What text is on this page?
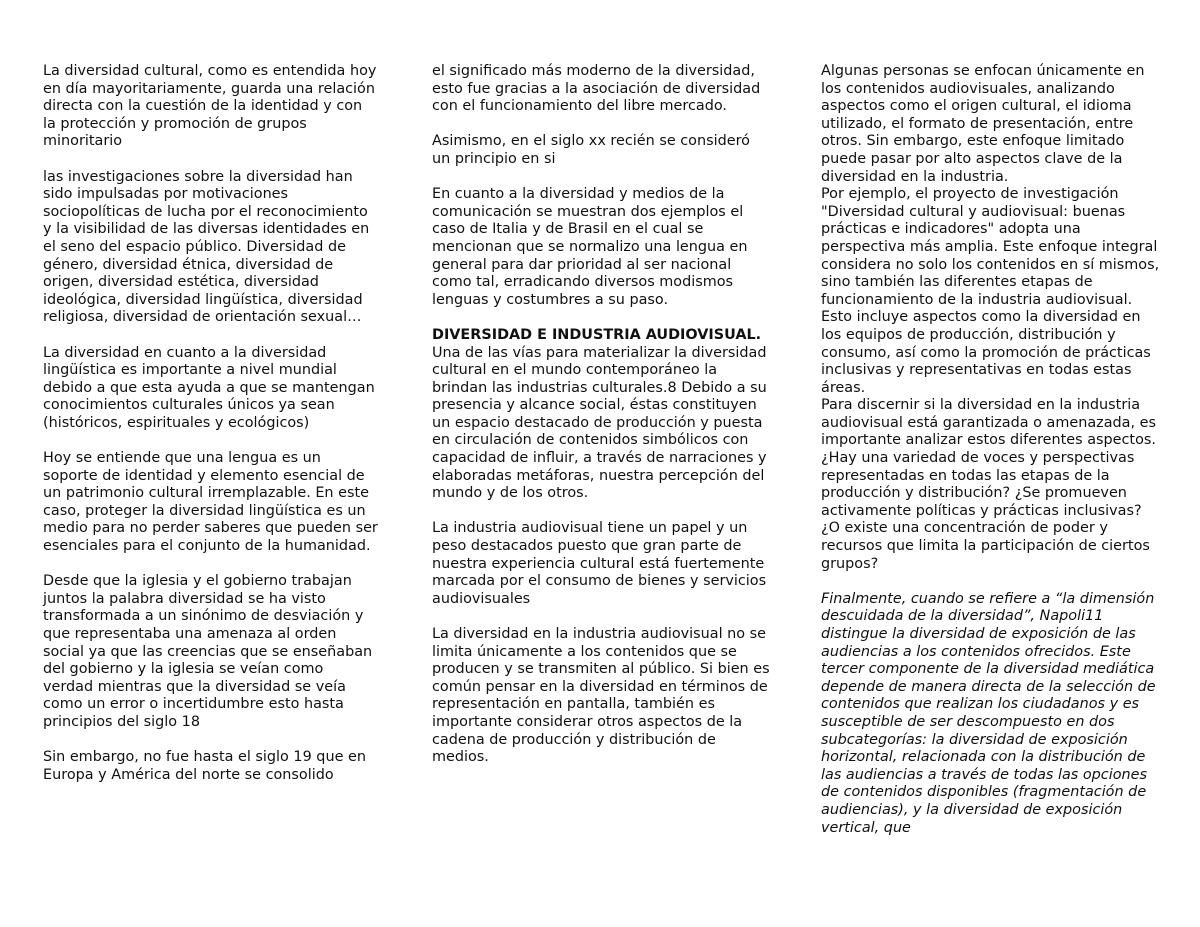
La diversidad cultural, como es entendida hoy en día mayoritariamente, guarda una relación directa con la cuestión de la identidad y con la protección y promoción de grupos minoritario

las investigaciones sobre la diversidad han sido impulsadas por motivaciones sociopolíticas de lucha por el reconocimiento y la visibilidad de las diversas identidades en el seno del espacio público. Diversidad de género, diversidad étnica, diversidad de origen, diversidad estética, diversidad ideológica, diversidad lingüística, diversidad religiosa, diversidad de orientación sexual…

La diversidad en cuanto a la diversidad lingüística es importante a nivel mundial debido a que esta ayuda a que se mantengan conocimientos culturales únicos ya sean (históricos, espirituales y ecológicos)

Hoy se entiende que una lengua es un soporte de identidad y elemento esencial de un patrimonio cultural irremplazable. En este caso, proteger la diversidad lingüística es un medio para no perder saberes que pueden ser esenciales para el conjunto de la humanidad.

Desde que la iglesia y el gobierno trabajan juntos la palabra diversidad se ha visto transformada a un sinónimo de desviación y que representaba una amenaza al orden social ya que las creencias que se enseñaban del gobierno y la iglesia se veían como verdad mientras que la diversidad se veía como un error o incertidumbre esto hasta principios del siglo 18

Sin embargo, no fue hasta el siglo 19 que en Europa y América del norte se consolido

el significado más moderno de la diversidad, esto fue gracias a la asociación de diversidad con el funcionamiento del libre mercado.

Asimismo, en el siglo xx recién se consideró un principio en si

En cuanto a la diversidad y medios de la comunicación se muestran dos ejemplos el caso de Italia y de Brasil en el cual se mencionan que se normalizo una lengua en general para dar prioridad al ser nacional como tal, erradicando diversos modismos lenguas y costumbres a su paso.

DIVERSIDAD E INDUSTRIA AUDIOVISUAL.

Una de las vías para materializar la diversidad cultural en el mundo contemporáneo la brindan las industrias culturales.8 Debido a su presencia y alcance social, éstas constituyen un espacio destacado de producción y puesta en circulación de contenidos simbólicos con capacidad de influir, a través de narraciones y elaboradas metáforas, nuestra percepción del mundo y de los otros.

La industria audiovisual tiene un papel y un peso destacados puesto que gran parte de nuestra experiencia cultural está fuertemente marcada por el consumo de bienes y servicios audiovisuales

La diversidad en la industria audiovisual no se limita únicamente a los contenidos que se producen y se transmiten al público. Si bien es común pensar en la diversidad en términos de representación en pantalla, también es importante considerar otros aspectos de la cadena de producción y distribución de medios.

Algunas personas se enfocan únicamente en los contenidos audiovisuales, analizando aspectos como el origen cultural, el idioma utilizado, el formato de presentación, entre otros. Sin embargo, este enfoque limitado puede pasar por alto aspectos clave de la diversidad en la industria.

Por ejemplo, el proyecto de investigación "Diversidad cultural y audiovisual: buenas prácticas e indicadores" adopta una perspectiva más amplia. Este enfoque integral considera no solo los contenidos en sí mismos, sino también las diferentes etapas de funcionamiento de la industria audiovisual. Esto incluye aspectos como la diversidad en los equipos de producción, distribución y consumo, así como la promoción de prácticas inclusivas y representativas en todas estas áreas.

Para discernir si la diversidad en la industria audiovisual está garantizada o amenazada, es importante analizar estos diferentes aspectos. ¿Hay una variedad de voces y perspectivas representadas en todas las etapas de la producción y distribución? ¿Se promueven activamente políticas y prácticas inclusivas? ¿O existe una concentración de poder y recursos que limita la participación de ciertos grupos?

Finalmente, cuando se refiere a “la dimensión descuidada de la diversidad”, Napoli11 distingue la diversidad de exposición de las audiencias a los contenidos ofrecidos. Este tercer componente de la diversidad mediática depende de manera directa de la selección de contenidos que realizan los ciudadanos y es susceptible de ser descompuesto en dos subcategorías: la diversidad de exposición horizontal, relacionada con la distribución de las audiencias a través de todas las opciones de contenidos disponibles (fragmentación de audiencias), y la diversidad de exposición vertical, que
